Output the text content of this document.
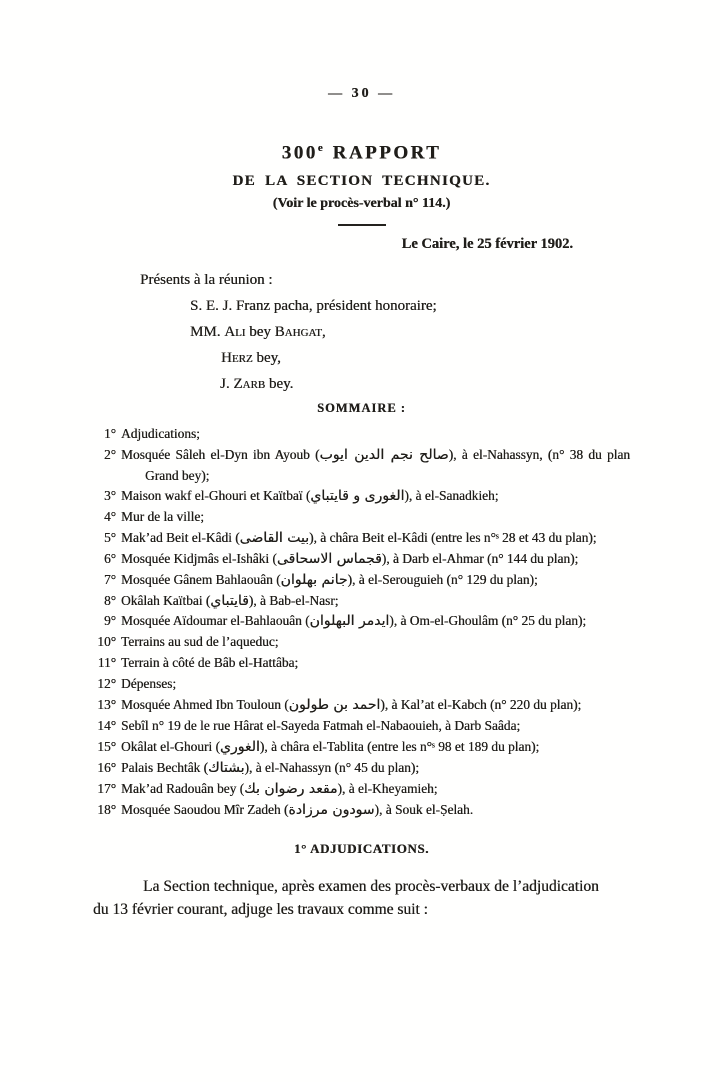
— 30 —
300e RAPPORT
DE LA SECTION TECHNIQUE.
(Voir le procès-verbal n° 114.)
Le Caire, le 25 février 1902.
Présents à la réunion :
S. E. J. Franz pacha, président honoraire;
MM. Ali bey Bahgat,
Herz bey,
J. Zarb bey.
SOMMAIRE :
1° Adjudications;
2° Mosquée Sâleh el-Dyn ibn Ayoub (صالح نجم الدين ايوب), à el-Nahassyn, (n° 38 du plan Grand bey);
3° Maison wakf el-Ghouri et Kaïtbaï (الغورى و قايتباي), à el-Sanadkieh;
4° Mur de la ville;
5° Mak’ad Beit el-Kâdi (بيت القاضى), à châra Beit el-Kâdi (entre les n°ˢ 28 et 43 du plan);
6° Mosquée Kidjmâs el-Ishâki (قجماس الاسحاقى), à Darb el-Ahmar (n° 144 du plan);
7° Mosquée Gânem Bahlaouân (جانم بهلوان), à el-Serouguieh (n° 129 du plan);
8° Okâlah Kaïtbai (قايتباي), à Bab-el-Nasr;
9° Mosquée Aïdoumar el-Bahlaouân (ايدمر البهلوان), à Om-el-Ghoulâm (n° 25 du plan);
10° Terrains au sud de l’aqueduc;
11° Terrain à côté de Bâb el-Hattâba;
12° Dépenses;
13° Mosquée Ahmed Ibn Touloun (احمد بن طولون), à Kal’at el-Kabch (n° 220 du plan);
14° Sebîl n° 19 de le rue Hârat el-Sayeda Fatmah el-Nabaouieh, à Darb Saâda;
15° Okâlat el-Ghouri (الغوري), à châra el-Tablita (entre les n°ˢ 98 et 189 du plan);
16° Palais Bechtâk (بشتاك), à el-Nahassyn (n° 45 du plan);
17° Mak’ad Radouân bey (مقعد رضوان بك), à el-Kheyamieh;
18° Mosquée Saoudou Mîr Zadeh (سودون مرزادة), à Souk el-Ṣelah.
1° ADJUDICATIONS.
La Section technique, après examen des procès-verbaux de l’adjudication
du 13 février courant, adjuge les travaux comme suit :
